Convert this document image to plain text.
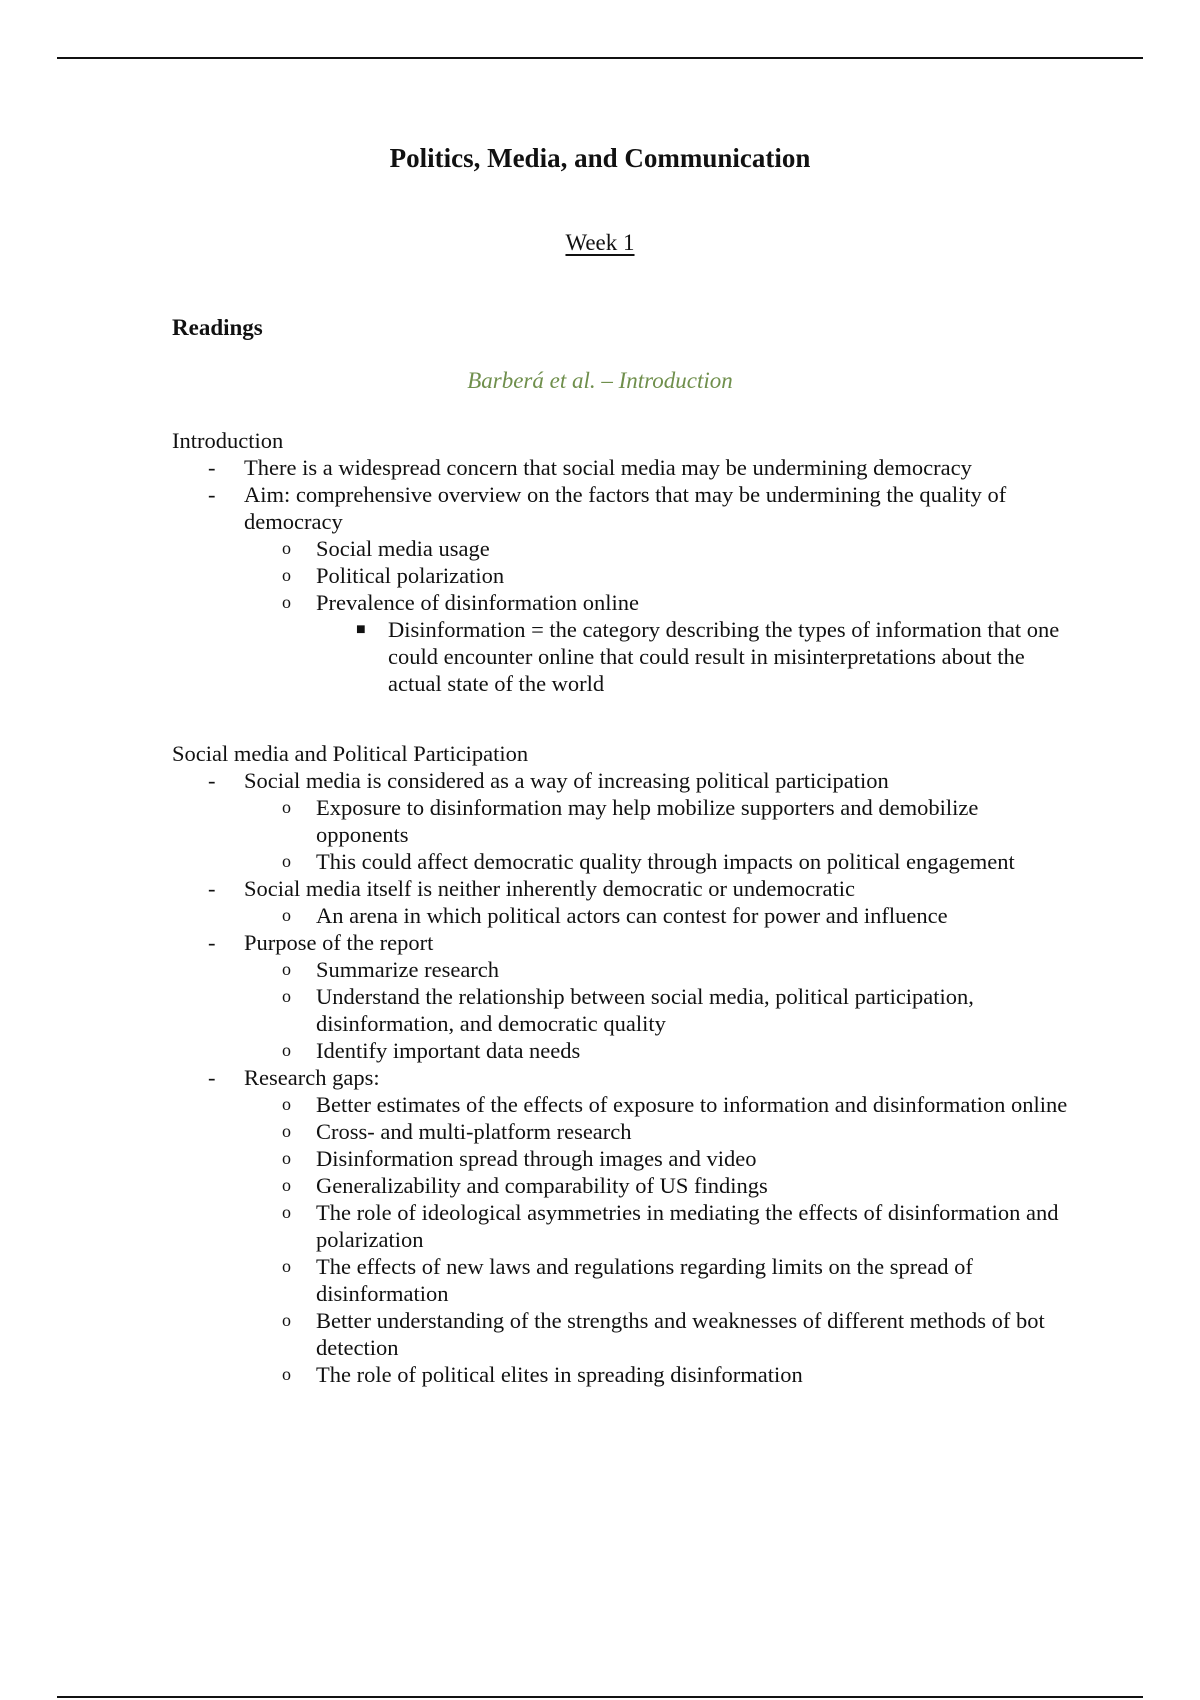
Politics, Media, and Communication
Week 1
Readings
Barberá et al. – Introduction

Introduction

- There is a widespread concern that social media may be undermining democracy
- Aim: comprehensive overview on the factors that may be undermining the quality of democracy
o Social media usage
o Political polarization
o Prevalence of disinformation online
■ Disinformation = the category describing the types of information that one could encounter online that could result in misinterpretations about the actual state of the world

Social media and Political Participation

- Social media is considered as a way of increasing political participation
o Exposure to disinformation may help mobilize supporters and demobilize opponents
o This could affect democratic quality through impacts on political engagement
- Social media itself is neither inherently democratic or undemocratic
o An arena in which political actors can contest for power and influence
- Purpose of the report
o Summarize research
o Understand the relationship between social media, political participation, disinformation, and democratic quality
o Identify important data needs
- Research gaps:
o Better estimates of the effects of exposure to information and disinformation online
o Cross- and multi-platform research
o Disinformation spread through images and video
o Generalizability and comparability of US findings
o The role of ideological asymmetries in mediating the effects of disinformation and polarization
o The effects of new laws and regulations regarding limits on the spread of disinformation
o Better understanding of the strengths and weaknesses of different methods of bot detection
o The role of political elites in spreading disinformation
